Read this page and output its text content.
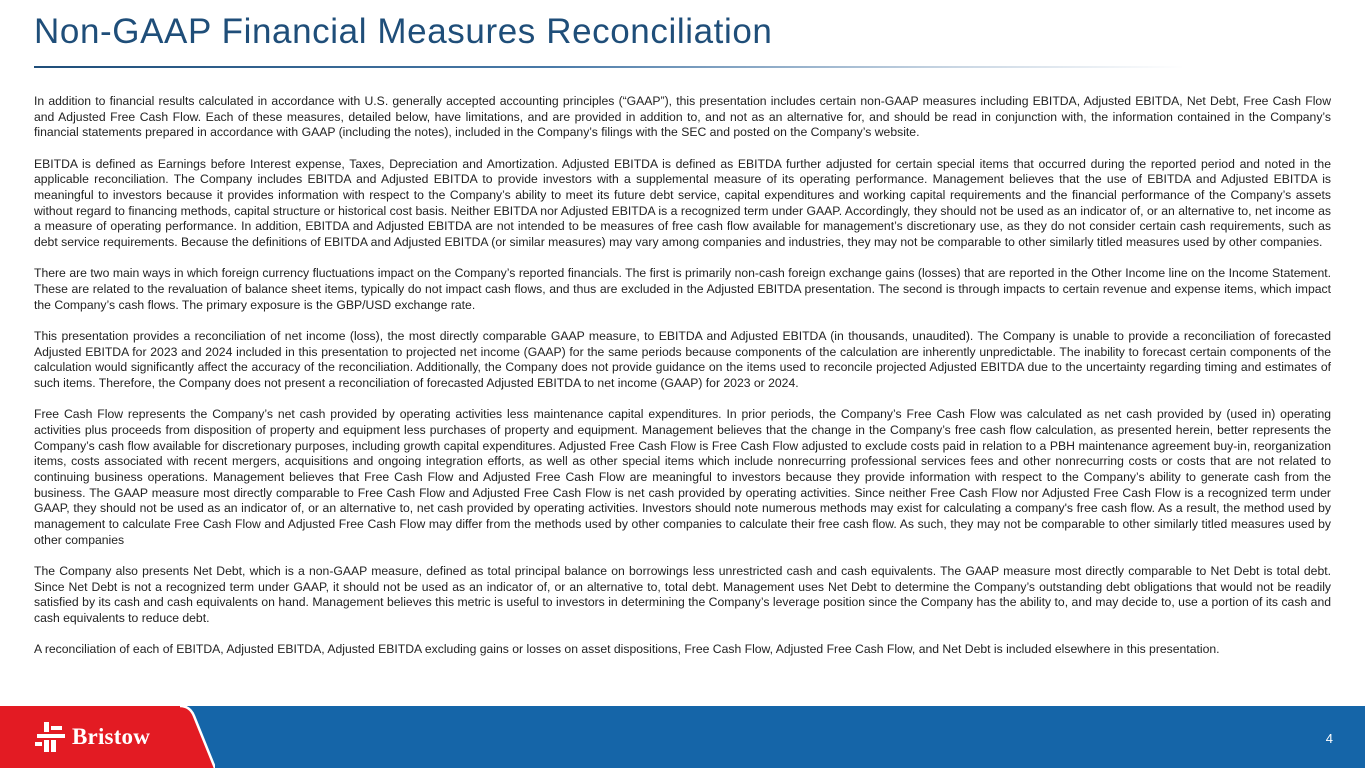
Non-GAAP Financial Measures Reconciliation

In addition to financial results calculated in accordance with U.S. generally accepted accounting principles (“GAAP”), this presentation includes certain non-GAAP measures including EBITDA, Adjusted EBITDA, Net Debt, Free Cash Flow and Adjusted Free Cash Flow. Each of these measures, detailed below, have limitations, and are provided in addition to, and not as an alternative for, and should be read in conjunction with, the information contained in the Company’s financial statements prepared in accordance with GAAP (including the notes), included in the Company’s filings with the SEC and posted on the Company’s website.

EBITDA is defined as Earnings before Interest expense, Taxes, Depreciation and Amortization. Adjusted EBITDA is defined as EBITDA further adjusted for certain special items that occurred during the reported period and noted in the applicable reconciliation. The Company includes EBITDA and Adjusted EBITDA to provide investors with a supplemental measure of its operating performance. Management believes that the use of EBITDA and Adjusted EBITDA is meaningful to investors because it provides information with respect to the Company’s ability to meet its future debt service, capital expenditures and working capital requirements and the financial performance of the Company’s assets without regard to financing methods, capital structure or historical cost basis. Neither EBITDA nor Adjusted EBITDA is a recognized term under GAAP. Accordingly, they should not be used as an indicator of, or an alternative to, net income as a measure of operating performance. In addition, EBITDA and Adjusted EBITDA are not intended to be measures of free cash flow available for management’s discretionary use, as they do not consider certain cash requirements, such as debt service requirements. Because the definitions of EBITDA and Adjusted EBITDA (or similar measures) may vary among companies and industries, they may not be comparable to other similarly titled measures used by other companies.

There are two main ways in which foreign currency fluctuations impact on the Company’s reported financials. The first is primarily non-cash foreign exchange gains (losses) that are reported in the Other Income line on the Income Statement. These are related to the revaluation of balance sheet items, typically do not impact cash flows, and thus are excluded in the Adjusted EBITDA presentation. The second is through impacts to certain revenue and expense items, which impact the Company’s cash flows. The primary exposure is the GBP/USD exchange rate.

This presentation provides a reconciliation of net income (loss), the most directly comparable GAAP measure, to EBITDA and Adjusted EBITDA (in thousands, unaudited). The Company is unable to provide a reconciliation of forecasted Adjusted EBITDA for 2023 and 2024 included in this presentation to projected net income (GAAP) for the same periods because components of the calculation are inherently unpredictable. The inability to forecast certain components of the calculation would significantly affect the accuracy of the reconciliation. Additionally, the Company does not provide guidance on the items used to reconcile projected Adjusted EBITDA due to the uncertainty regarding timing and estimates of such items. Therefore, the Company does not present a reconciliation of forecasted Adjusted EBITDA to net income (GAAP) for 2023 or 2024.

Free Cash Flow represents the Company’s net cash provided by operating activities less maintenance capital expenditures. In prior periods, the Company’s Free Cash Flow was calculated as net cash provided by (used in) operating activities plus proceeds from disposition of property and equipment less purchases of property and equipment. Management believes that the change in the Company’s free cash flow calculation, as presented herein, better represents the Company’s cash flow available for discretionary purposes, including growth capital expenditures. Adjusted Free Cash Flow is Free Cash Flow adjusted to exclude costs paid in relation to a PBH maintenance agreement buy-in, reorganization items, costs associated with recent mergers, acquisitions and ongoing integration efforts, as well as other special items which include nonrecurring professional services fees and other nonrecurring costs or costs that are not related to continuing business operations. Management believes that Free Cash Flow and Adjusted Free Cash Flow are meaningful to investors because they provide information with respect to the Company’s ability to generate cash from the business. The GAAP measure most directly comparable to Free Cash Flow and Adjusted Free Cash Flow is net cash provided by operating activities. Since neither Free Cash Flow nor Adjusted Free Cash Flow is a recognized term under GAAP, they should not be used as an indicator of, or an alternative to, net cash provided by operating activities. Investors should note numerous methods may exist for calculating a company's free cash flow. As a result, the method used by management to calculate Free Cash Flow and Adjusted Free Cash Flow may differ from the methods used by other companies to calculate their free cash flow. As such, they may not be comparable to other similarly titled measures used by other companies

The Company also presents Net Debt, which is a non-GAAP measure, defined as total principal balance on borrowings less unrestricted cash and cash equivalents. The GAAP measure most directly comparable to Net Debt is total debt. Since Net Debt is not a recognized term under GAAP, it should not be used as an indicator of, or an alternative to, total debt. Management uses Net Debt to determine the Company’s outstanding debt obligations that would not be readily satisfied by its cash and cash equivalents on hand. Management believes this metric is useful to investors in determining the Company’s leverage position since the Company has the ability to, and may decide to, use a portion of its cash and cash equivalents to reduce debt.

A reconciliation of each of EBITDA, Adjusted EBITDA, Adjusted EBITDA excluding gains or losses on asset dispositions, Free Cash Flow, Adjusted Free Cash Flow, and Net Debt is included elsewhere in this presentation.

Bristow	4
